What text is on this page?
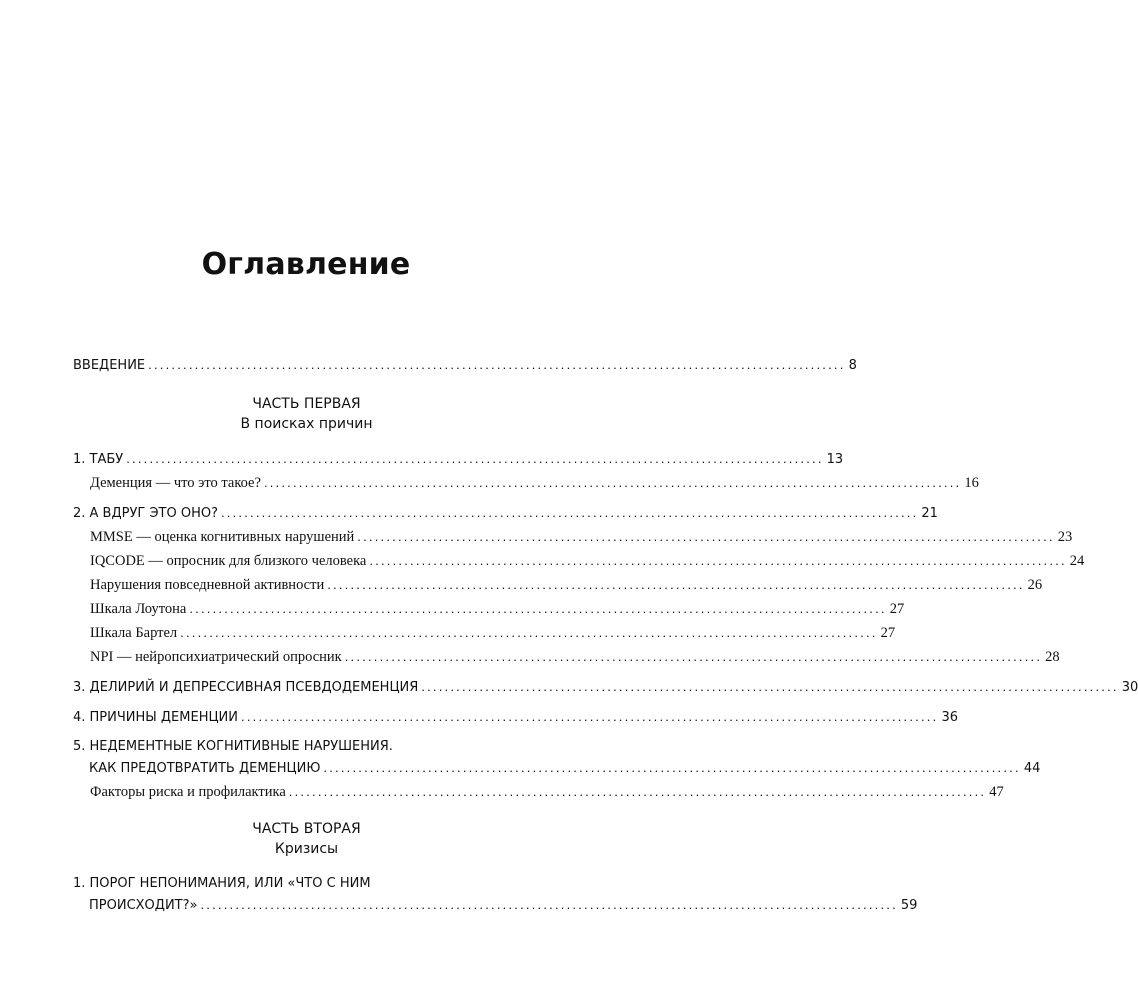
Оглавление
ВВЕДЕНИЕ ........................................................................................................................ 8
ЧАСТЬ ПЕРВАЯ
В поисках причин
1. ТАБУ ........................................................................................................................ 13
Деменция — что это такое? ........................................................................................................................ 16
2. А ВДРУГ ЭТО ОНО? ........................................................................................................................ 21
MMSE — оценка когнитивных нарушений ........................................................................................................................ 23
IQCODE — опросник для близкого человека ........................................................................................................................ 24
Нарушения повседневной активности ........................................................................................................................ 26
Шкала Лоутона ........................................................................................................................ 27
Шкала Бартел ........................................................................................................................ 27
NPI — нейропсихиатрический опросник ........................................................................................................................ 28
3. ДЕЛИРИЙ И ДЕПРЕССИВНАЯ ПСЕВДОДЕМЕНЦИЯ ........................................................................................................................ 30
4. ПРИЧИНЫ ДЕМЕНЦИИ ........................................................................................................................ 36
5. НЕДЕМЕНТНЫЕ КОГНИТИВНЫЕ НАРУШЕНИЯ.
КАК ПРЕДОТВРАТИТЬ ДЕМЕНЦИЮ ........................................................................................................................ 44
Факторы риска и профилактика ........................................................................................................................ 47
ЧАСТЬ ВТОРАЯ
Кризисы
1. ПОРОГ НЕПОНИМАНИЯ, ИЛИ «ЧТО С НИМ
ПРОИСХОДИТ?» ........................................................................................................................ 59
